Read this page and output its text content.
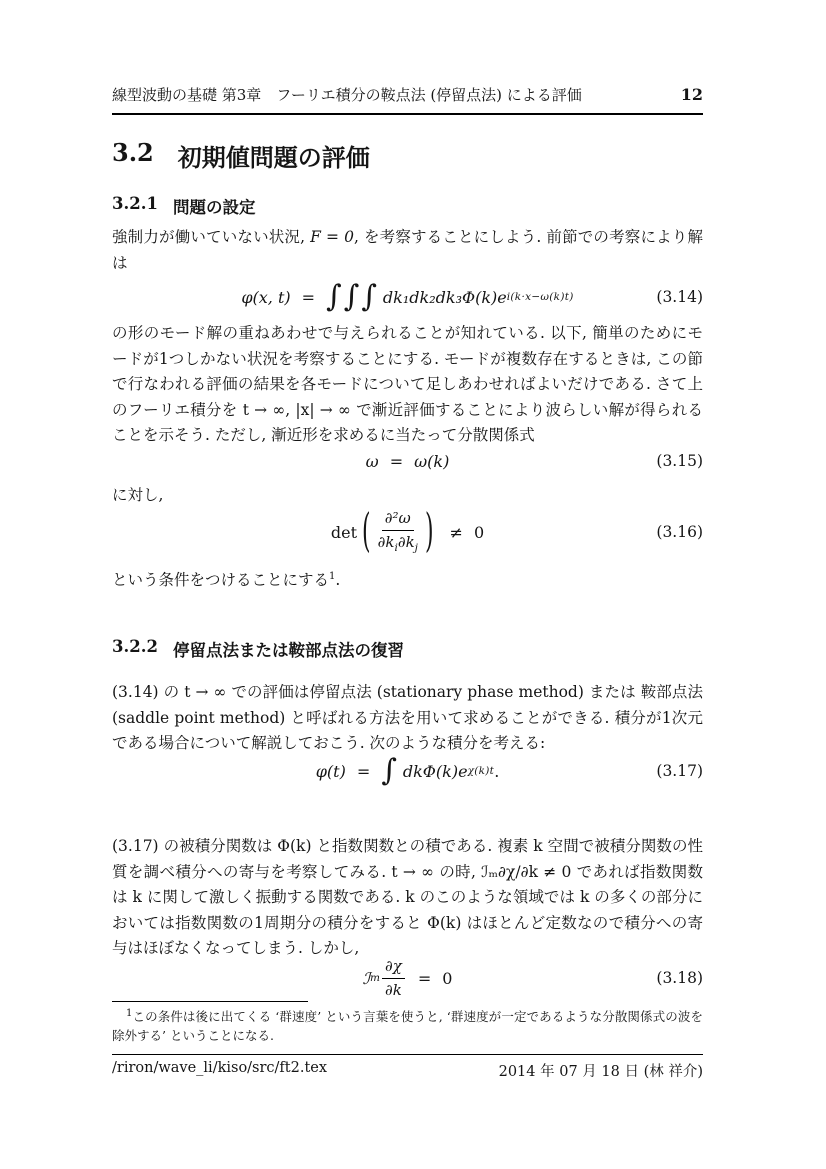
線型波動の基礎 第3章　フーリエ積分の鞍点法 (停留点法) による評価	12
3.2 初期値問題の評価
3.2.1 問題の設定
強制力が働いていない状況, F = 0, を考察することにしよう. 前節での考察により解は
φ(x, t) = ∫∫∫ dk₁dk₂dk₃Φ(k)e i(k·x−ω(k)t)	(3.14)
の形のモード解の重ねあわせで与えられることが知れている. 以下, 簡単のためにモードが1つしかない状況を考察することにする. モードが複数存在するときは, この節で行なわれる評価の結果を各モードについて足しあわせればよいだけである. さて上のフーリエ積分を t → ∞, |x| → ∞ で漸近評価することにより波らしい解が得られることを示そう. ただし, 漸近形を求めるに当たって分散関係式
ω = ω(k)	(3.15)
に対し,
det ( $\frac{\text{∂²ω}}{\partial k_i\partial k_j}$ ) ≠ 0	(3.16)
という条件をつけることにする$^1$.
3.2.2 停留点法または鞍部点法の復習
(3.14) の t → ∞ での評価は停留点法 (stationary phase method) または 鞍部点法 (saddle point method) と呼ばれる方法を用いて求めることができる. 積分が1次元である場合について解説しておこう. 次のような積分を考える:
φ(t) = ∫ dkΦ(k)e χ(k)t .	(3.17)
(3.17) の被積分関数は Φ(k) と指数関数との積である. 複素 k 空間で被積分関数の性質を調べ積分への寄与を考察してみる. t → ∞ の時, ℐₘ∂χ/∂k ≠ 0 であれば指数関数は k に関して激しく振動する関数である. k のこのような領域では k の多くの部分においては指数関数の1周期分の積分をすると Φ(k) はほとんど定数なので積分への寄与はほぼなくなってしまう. しかし,
ℐ m $\frac{\partial\chi}{\partial k} = 0$	(3.18)
$^1$この条件は後に出てくる ‘群速度’ という言葉を使うと, ‘群速度が一定であるような分散関係式の波を除外する’ ということになる.
/riron/wave_li/kiso/src/ft2.tex	2014 年 07 月 18 日 (林 祥介)
